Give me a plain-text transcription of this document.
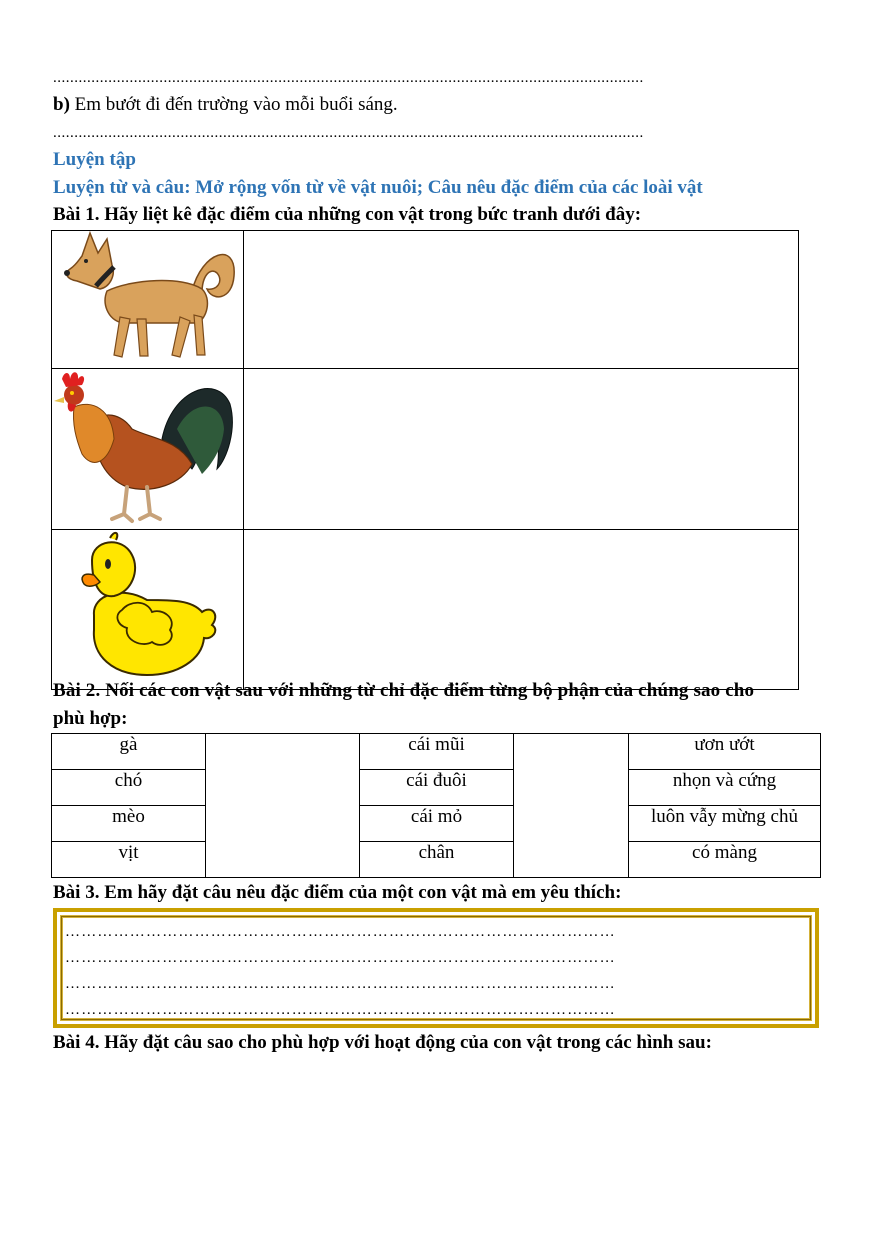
...........................................................................................................................................
b) Em bướt đi đến trường vào mỗi buổi sáng.
...........................................................................................................................................
Luyện tập
Luyện từ và câu: Mở rộng vốn từ về vật nuôi; Câu nêu đặc điểm của các loài vật
Bài 1. Hãy liệt kê đặc điểm của những con vật trong bức tranh dưới đây:

Bài 2. Nối các con vật sau với những từ chỉ đặc điểm từng bộ phận của chúng sao cho
phù hợp:
gà		cái mũi		ươn ướt
chó		cái đuôi		nhọn và cứng
mèo		cái mỏ		luôn vẫy mừng chủ
vịt		chân		có màng
Bài 3. Em hãy đặt câu nêu đặc điểm của một con vật mà em yêu thích:
…………………………………………………………………………………………
…………………………………………………………………………………………
…………………………………………………………………………………………
…………………………………………………………………………………………
Bài 4. Hãy đặt câu sao cho phù hợp với hoạt động của con vật trong các hình sau:
